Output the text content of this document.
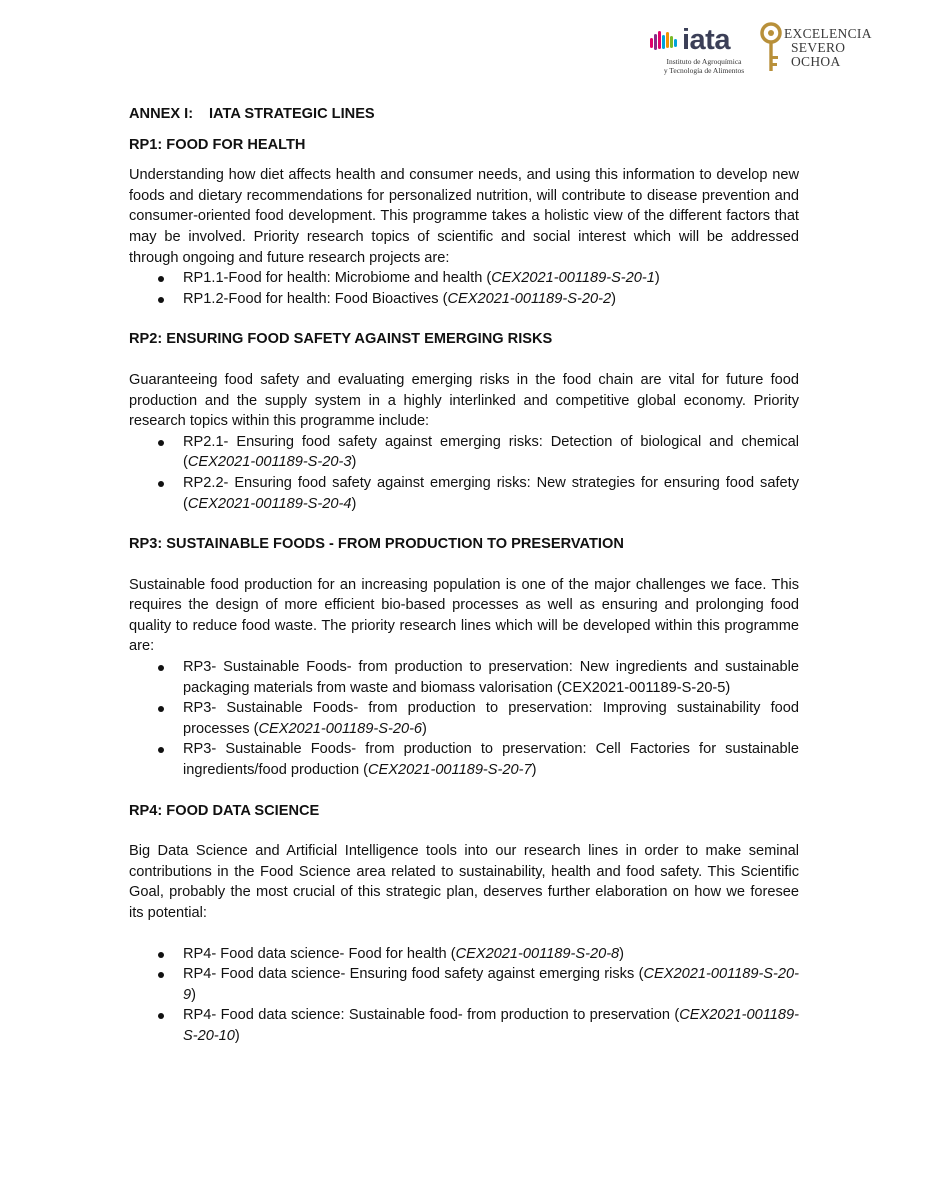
iata
Instituto de Agroquímica
y Tecnología de Alimentos
EXCELENCIA
SEVERO
OCHOA

ANNEX I: IATA STRATEGIC LINES

RP1: FOOD FOR HEALTH

Understanding how diet affects health and consumer needs, and using this information to develop new foods and dietary recommendations for personalized nutrition, will contribute to disease prevention and consumer-oriented food development. This programme takes a holistic view of the different factors that may be involved. Priority research topics of scientific and social interest which will be addressed through ongoing and future research projects are:

RP1.1-Food for health: Microbiome and health (CEX2021-001189-S-20-1)
RP1.2-Food for health: Food Bioactives (CEX2021-001189-S-20-2)

RP2: ENSURING FOOD SAFETY AGAINST EMERGING RISKS

Guaranteeing food safety and evaluating emerging risks in the food chain are vital for future food production and the supply system in a highly interlinked and competitive global economy. Priority research topics within this programme include:

RP2.1- Ensuring food safety against emerging risks: Detection of biological and chemical (CEX2021-001189-S-20-3)
RP2.2- Ensuring food safety against emerging risks: New strategies for ensuring food safety (CEX2021-001189-S-20-4)

RP3: SUSTAINABLE FOODS - FROM PRODUCTION TO PRESERVATION

Sustainable food production for an increasing population is one of the major challenges we face. This requires the design of more efficient bio-based processes as well as ensuring and prolonging food quality to reduce food waste. The priority research lines which will be developed within this programme are:

RP3- Sustainable Foods- from production to preservation: New ingredients and sustainable packaging materials from waste and biomass valorisation (CEX2021-001189-S-20-5)
RP3- Sustainable Foods- from production to preservation: Improving sustainability food processes (CEX2021-001189-S-20-6)
RP3- Sustainable Foods- from production to preservation: Cell Factories for sustainable ingredients/food production (CEX2021-001189-S-20-7)

RP4: FOOD DATA SCIENCE

Big Data Science and Artificial Intelligence tools into our research lines in order to make seminal contributions in the Food Science area related to sustainability, health and food safety. This Scientific Goal, probably the most crucial of this strategic plan, deserves further elaboration on how we foresee its potential:

RP4- Food data science- Food for health (CEX2021-001189-S-20-8)
RP4- Food data science- Ensuring food safety against emerging risks (CEX2021-001189-S-20-9)
RP4- Food data science: Sustainable food- from production to preservation (CEX2021-001189-S-20-10)
